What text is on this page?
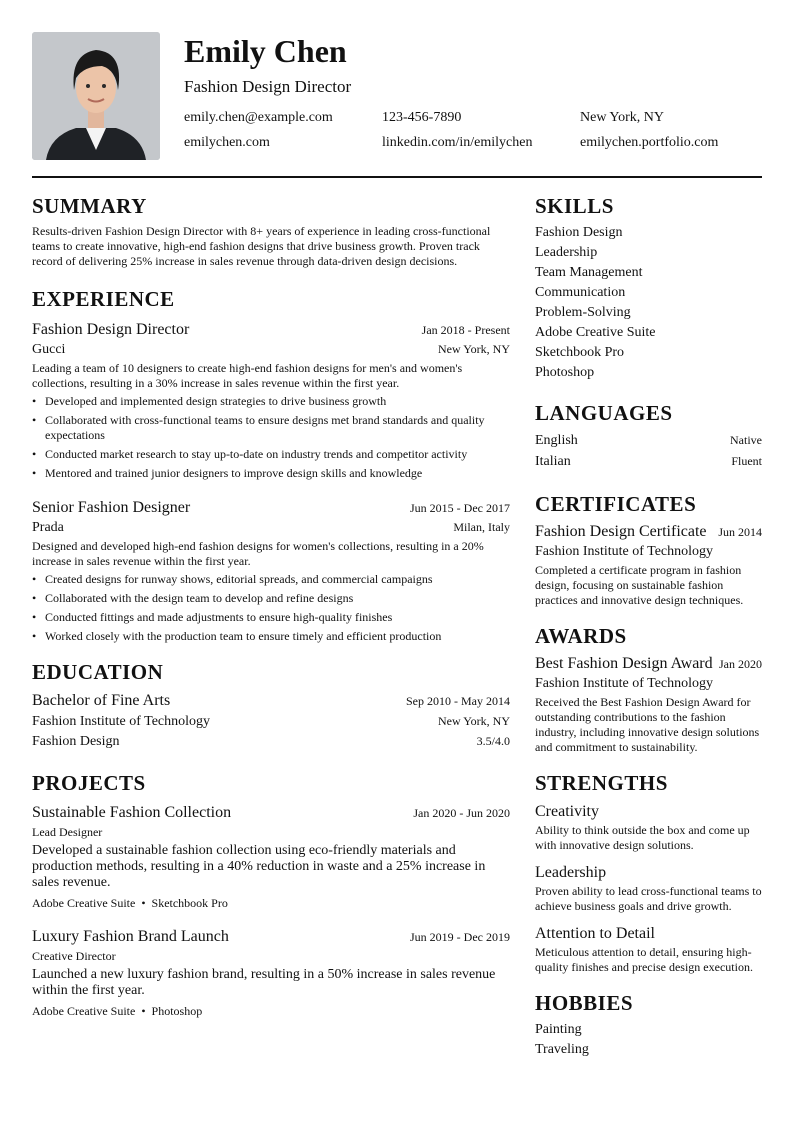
Emily Chen
Fashion Design Director
emily.chen@example.com	123-456-7890	New York, NY
emilychen.com	linkedin.com/in/emilychen	emilychen.portfolio.com
SUMMARY
Results-driven Fashion Design Director with 8+ years of experience in leading cross-functional teams to create innovative, high-end fashion designs that drive business growth. Proven track record of delivering 25% increase in sales revenue through data-driven design decisions.
EXPERIENCE
Fashion Design Director	Jan 2018 - Present
Gucci	New York, NY
Leading a team of 10 designers to create high-end fashion designs for men's and women's collections, resulting in a 30% increase in sales revenue within the first year.
• Developed and implemented design strategies to drive business growth
• Collaborated with cross-functional teams to ensure designs met brand standards and quality expectations
• Conducted market research to stay up-to-date on industry trends and competitor activity
• Mentored and trained junior designers to improve design skills and knowledge
Senior Fashion Designer	Jun 2015 - Dec 2017
Prada	Milan, Italy
Designed and developed high-end fashion designs for women's collections, resulting in a 20% increase in sales revenue within the first year.
• Created designs for runway shows, editorial spreads, and commercial campaigns
• Collaborated with the design team to develop and refine designs
• Conducted fittings and made adjustments to ensure high-quality finishes
• Worked closely with the production team to ensure timely and efficient production
EDUCATION
Bachelor of Fine Arts	Sep 2010 - May 2014
Fashion Institute of Technology	New York, NY
Fashion Design	3.5/4.0
PROJECTS
Sustainable Fashion Collection	Jan 2020 - Jun 2020
Lead Designer
Developed a sustainable fashion collection using eco-friendly materials and production methods, resulting in a 40% reduction in waste and a 25% increase in sales revenue.
Adobe Creative Suite • Sketchbook Pro
Luxury Fashion Brand Launch	Jun 2019 - Dec 2019
Creative Director
Launched a new luxury fashion brand, resulting in a 50% increase in sales revenue within the first year.
Adobe Creative Suite • Photoshop
SKILLS
Fashion Design
Leadership
Team Management
Communication
Problem-Solving
Adobe Creative Suite
Sketchbook Pro
Photoshop
LANGUAGES
English	Native
Italian	Fluent
CERTIFICATES
Fashion Design Certificate Jun 2014
Fashion Institute of Technology
Completed a certificate program in fashion design, focusing on sustainable fashion practices and innovative design techniques.
AWARDS
Best Fashion Design Award Jan 2020
Fashion Institute of Technology
Received the Best Fashion Design Award for outstanding contributions to the fashion industry, including innovative design solutions and commitment to sustainability.
STRENGTHS
Creativity
Ability to think outside the box and come up with innovative design solutions.
Leadership
Proven ability to lead cross-functional teams to achieve business goals and drive growth.
Attention to Detail
Meticulous attention to detail, ensuring high-quality finishes and precise design execution.
HOBBIES
Painting
Traveling
